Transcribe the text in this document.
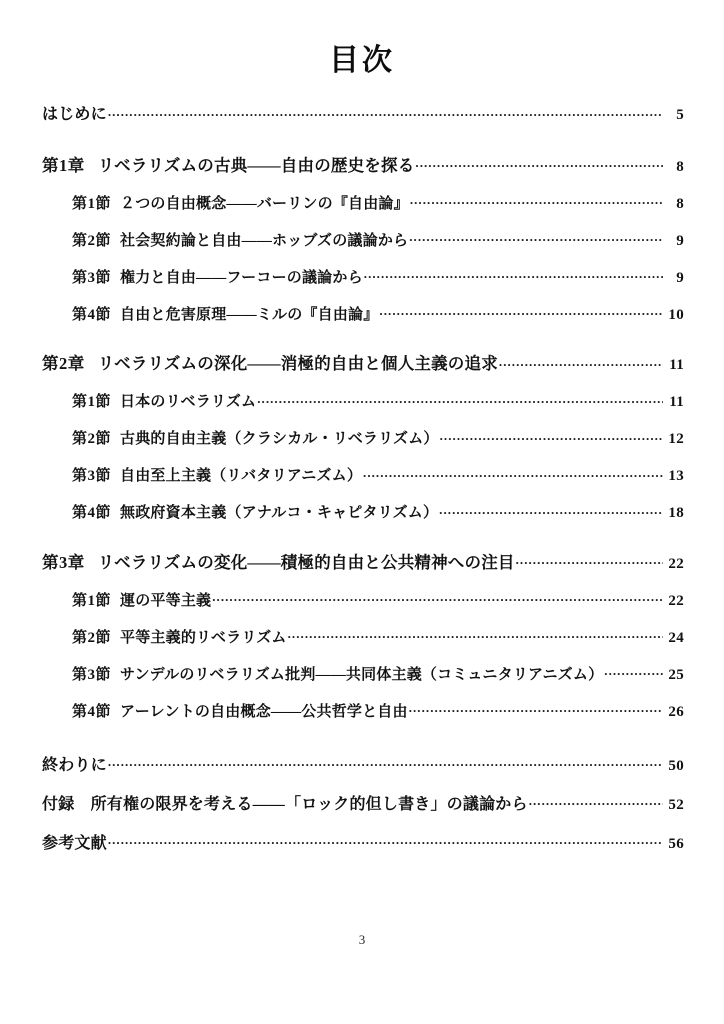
目次
はじめに .....	5
第1章 リベラリズムの古典——自由の歴史を探る .....	8
第1節 ２つの自由概念——バーリンの『自由論』 .....	8
第2節 社会契約論と自由——ホッブズの議論から .....	9
第3節 権力と自由——フーコーの議論から .....	9
第4節 自由と危害原理——ミルの『自由論』 .....	10
第2章 リベラリズムの深化——消極的自由と個人主義の追求 .....	11
第1節 日本のリベラリズム .....	11
第2節 古典的自由主義（クラシカル・リベラリズム） .....	12
第3節 自由至上主義（リバタリアニズム） .....	13
第4節 無政府資本主義（アナルコ・キャピタリズム） .....	18
第3章 リベラリズムの変化——積極的自由と公共精神への注目 .....	22
第1節 運の平等主義 .....	22
第2節 平等主義的リベラリズム .....	24
第3節 サンデルのリベラリズム批判——共同体主義（コミュニタリアニズム） .....	25
第4節 アーレントの自由概念——公共哲学と自由 .....	26
終わりに .....	50
付録　所有権の限界を考える——「ロック的但し書き」の議論から .....	52
参考文献 .....	56
3
